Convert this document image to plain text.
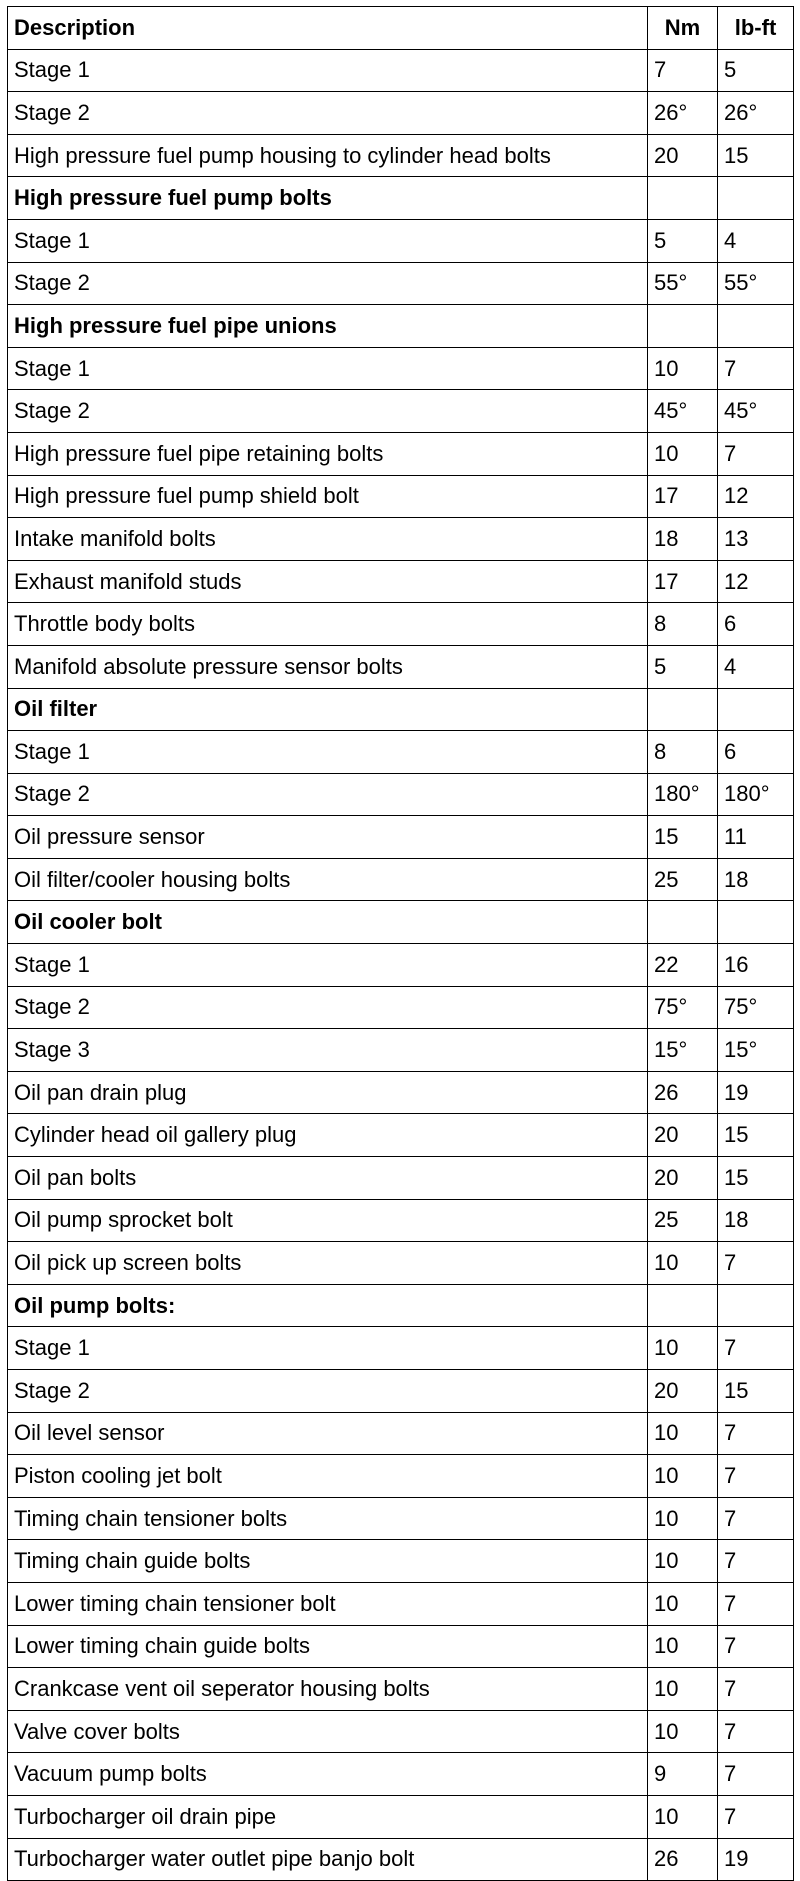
Description	Nm	lb-ft
Stage 1	7	5
Stage 2	26°	26°
High pressure fuel pump housing to cylinder head bolts	20	15
High pressure fuel pump bolts		
Stage 1	5	4
Stage 2	55°	55°
High pressure fuel pipe unions		
Stage 1	10	7
Stage 2	45°	45°
High pressure fuel pipe retaining bolts	10	7
High pressure fuel pump shield bolt	17	12
Intake manifold bolts	18	13
Exhaust manifold studs	17	12
Throttle body bolts	8	6
Manifold absolute pressure sensor bolts	5	4
Oil filter		
Stage 1	8	6
Stage 2	180°	180°
Oil pressure sensor	15	11
Oil filter/cooler housing bolts	25	18
Oil cooler bolt		
Stage 1	22	16
Stage 2	75°	75°
Stage 3	15°	15°
Oil pan drain plug	26	19
Cylinder head oil gallery plug	20	15
Oil pan bolts	20	15
Oil pump sprocket bolt	25	18
Oil pick up screen bolts	10	7
Oil pump bolts:		
Stage 1	10	7
Stage 2	20	15
Oil level sensor	10	7
Piston cooling jet bolt	10	7
Timing chain tensioner bolts	10	7
Timing chain guide bolts	10	7
Lower timing chain tensioner bolt	10	7
Lower timing chain guide bolts	10	7
Crankcase vent oil seperator housing bolts	10	7
Valve cover bolts	10	7
Vacuum pump bolts	9	7
Turbocharger oil drain pipe	10	7
Turbocharger water outlet pipe banjo bolt	26	19
